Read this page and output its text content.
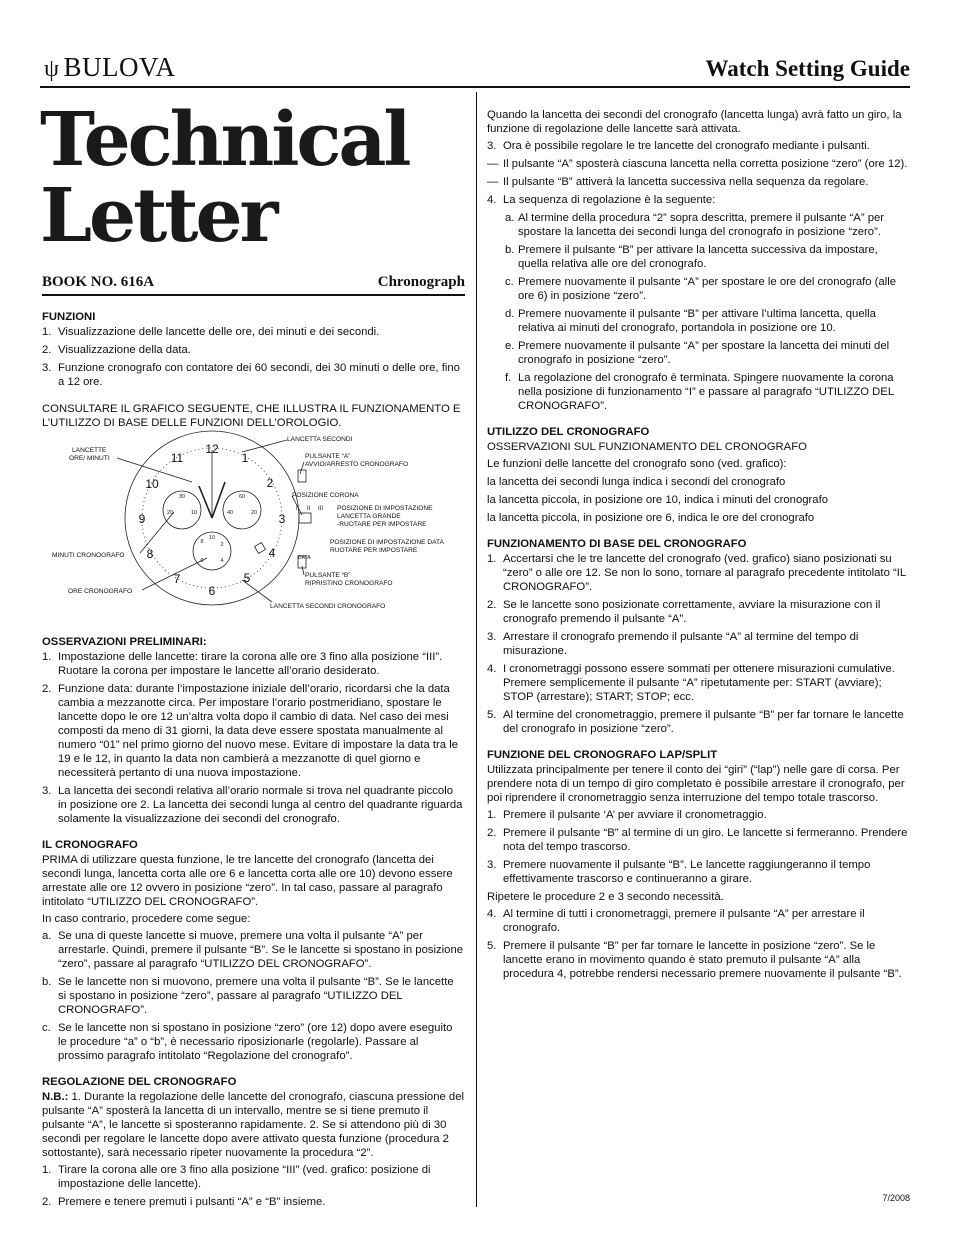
ψ BULOVA	Watch Setting Guide
Technical
Letter
BOOK NO. 616A	Chronograph
FUNZIONI
1. Visualizzazione delle lancette delle ore, dei minuti e dei secondi.
2. Visualizzazione della data.
3. Funzione cronografo con contatore dei 60 secondi, dei 30 minuti o delle ore, fino a 12 ore.

CONSULTARE IL GRAFICO SEGUENTE, CHE ILLUSTRA IL FUNZIONAMENTO E L’UTILIZZO DI BASE DELLE FUNZIONI DELL’OROLOGIO.

OSSERVAZIONI PRELIMINARI:
1. Impostazione delle lancette: tirare la corona alle ore 3 fino alla posizione “III”. Ruotare la corona per impostare le lancette all’orario desiderato.
2. Funzione data: durante l’impostazione iniziale dell’orario, ricordarsi che la data cambia a mezzanotte circa. Per impostare l’orario postmeridiano, spostare le lancette dopo le ore 12 un’altra volta dopo il cambio di data. Nel caso dei mesi composti da meno di 31 giorni, la data deve essere spostata manualmente al numero “01” nel primo giorno del nuovo mese. Evitare di impostare la data tra le 19 e le 12, in quanto la data non cambierà a mezzanotte di quel giorno e necessiterà pertanto di una nuova impostazione.
3. La lancetta dei secondi relativa all’orario normale si trova nel quadrante piccolo in posizione ore 2. La lancetta dei secondi lunga al centro del quadrante riguarda solamente la visualizzazione dei secondi del cronografo.
IL CRONOGRAFO

PRIMA di utilizzare questa funzione, le tre lancette del cronografo (lancetta dei secondi lunga, lancetta corta alle ore 6 e lancetta corta alle ore 10) devono essere arrestate alle ore 12 ovvero in posizione “zero”. In tal caso, passare al paragrafo intitolato “UTILIZZO DEL CRONOGRAFO”.

In caso contrario, procedere come segue:

a. Se una di queste lancette si muove, premere una volta il pulsante “A” per arrestarle. Quindi, premere il pulsante “B”. Se le lancette si spostano in posizione “zero”, passare al paragrafo “UTILIZZO DEL CRONOGRAFO”.
b. Se le lancette non si muovono, premere una volta il pulsante “B”. Se le lancette si spostano in posizione “zero”, passare al paragrafo “UTILIZZO DEL CRONOGRAFO”.
c. Se le lancette non si spostano in posizione “zero” (ore 12) dopo avere eseguito le procedure “a” o “b”, è necessario riposizionarle (regolarle). Passare al prossimo paragrafo intitolato “Regolazione del cronografo”.
REGOLAZIONE DEL CRONOGRAFO

N.B.: 1. Durante la regolazione delle lancette del cronografo, ciascuna pressione del pulsante “A” sposterà la lancetta di un intervallo, mentre se si tiene premuto il pulsante “A”, le lancette si sposteranno rapidamente. 2. Se si attendono più di 30 secondi per regolare le lancette dopo avere attivato questa funzione (procedura 2 sottostante), sarà necessario ripeter nuovamente la procedura “2”.

1. Tirare la corona alle ore 3 fino alla posizione “III” (ved. grafico: posizione di impostazione delle lancette).
2. Premere e tenere premuti i pulsanti “A” e “B” insieme.
12
1
2
3
4
5
6
7
8
9
10
11
30
20	10
60
40	20
8	2
6	4
10
LANCETTE
ORE/ MINUTI
LANCETTA SECONDI
PULSANTE “A”
AVVIO/ARRESTO CRONOGRAFO
POSIZIONE CORONA
I II III POSIZIONE DI IMPOSTAZIONE
LANCETTA GRANDE
-RUOTARE PER IMPOSTARE
POSIZIONE DI IMPOSTAZIONE DATA
RUOTARE PER IMPOSTARE
DATA
MINUTI CRONOGRAFO
PULSANTE “B”
RIPRISTINO CRONOGRAFO
ORE CRONOGRAFO
LANCETTA SECONDI CRONOGRAFO

Quando la lancetta dei secondi del cronografo (lancetta lunga) avrà fatto un giro, la funzione di regolazione delle lancette sarà attivata.

3. Ora è possibile regolare le tre lancette del cronografo mediante i pulsanti.
— Il pulsante “A” sposterà ciascuna lancetta nella corretta posizione “zero” (ore 12).
— Il pulsante “B” attiverà la lancetta successiva nella sequenza da regolare.
4. La sequenza di regolazione è la seguente:
a. Al termine della procedura “2” sopra descritta, premere il pulsante “A” per spostare la lancetta dei secondi lunga del cronografo in posizione “zero”.
b. Premere il pulsante “B” per attivare la lancetta successiva da impostare, quella relativa alle ore del cronografo.
c. Premere nuovamente il pulsante “A” per spostare le ore del cronografo (alle ore 6) in posizione “zero”.
d. Premere nuovamente il pulsante “B” per attivare l’ultima lancetta, quella relativa ai minuti del cronografo, portandola in posizione ore 10.
e. Premere nuovamente il pulsante “A” per spostare la lancetta dei minuti del cronografo in posizione “zero”.
f. La regolazione del cronografo è terminata. Spingere nuovamente la corona nella posizione di funzionamento “I” e passare al paragrafo “UTILIZZO DEL CRONOGRAFO”.
UTILIZZO DEL CRONOGRAFO

OSSERVAZIONI SUL FUNZIONAMENTO DEL CRONOGRAFO

Le funzioni delle lancette del cronografo sono (ved. grafico):

la lancetta dei secondi lunga indica i secondi del cronografo

la lancetta piccola, in posizione ore 10, indica i minuti del cronografo

la lancetta piccola, in posizione ore 6, indica le ore del cronografo

FUNZIONAMENTO DI BASE DEL CRONOGRAFO
1. Accertarsi che le tre lancette del cronografo (ved. grafico) siano posizionati su “zero” o alle ore 12. Se non lo sono, tornare al paragrafo precedente intitolato “IL CRONOGRAFO”.
2. Se le lancette sono posizionate correttamente, avviare la misurazione con il cronografo premendo il pulsante “A”.
3. Arrestare il cronografo premendo il pulsante “A” al termine del tempo di misurazione.
4. I cronometraggi possono essere sommati per ottenere misurazioni cumulative. Premere semplicemente il pulsante “A” ripetutamente per: START (avviare); STOP (arrestare); START; STOP; ecc.
5. Al termine del cronometraggio, premere il pulsante “B” per far tornare le lancette del cronografo in posizione “zero”.
FUNZIONE DEL CRONOGRAFO LAP/SPLIT

Utilizzata principalmente per tenere il conto dei “giri” (“lap”) nelle gare di corsa. Per prendere nota di un tempo di giro completato è possibile arrestare il cronografo, per poi riprendere il cronometraggio senza interruzione del tempo totale trascorso.

1. Premere il pulsante ‘A’ per avviare il cronometraggio.
2. Premere il pulsante “B” al termine di un giro. Le lancette si fermeranno. Prendere nota del tempo trascorso.
3. Premere nuovamente il pulsante “B”. Le lancette raggiungeranno il tempo effettivamente trascorso e continueranno a girare.

Ripetere le procedure 2 e 3 secondo necessità.

4. Al termine di tutti i cronometraggi, premere il pulsante “A” per arrestare il cronografo.
5. Premere il pulsante “B” per far tornare le lancette in posizione “zero”. Se le lancette erano in movimento quando è stato premuto il pulsante “A” alla procedura 4, potrebbe rendersi necessario premere nuovamente il pulsante “B”.
7/2008
